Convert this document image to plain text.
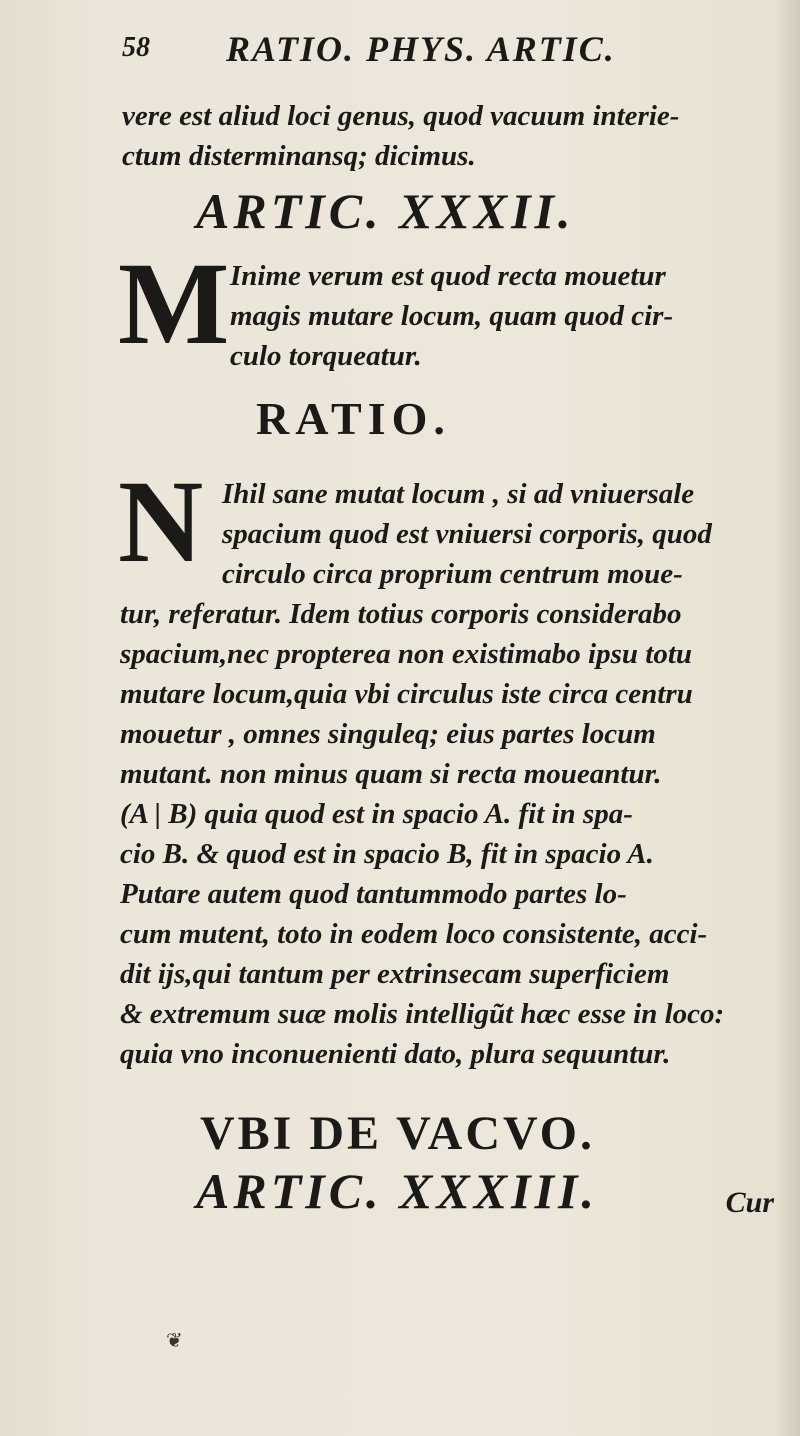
58 RATIO. PHYS. ARTIC.
vere est aliud loci genus, quod vacuum interie-
ctum disterminansq; dicimus.
ARTIC. XXXII.
M Inime verum est quod recta mouetur
magis mutare locum, quam quod cir-
culo torqueatur.
RATIO.
N Ihil sane mutat locum , si ad vniuersale
spacium quod est vniuersi corporis, quod
circulo circa proprium centrum moue-
tur, referatur. Idem totius corporis considerabo
spacium,nec propterea non existimabo ipsu totu
mutare locum,quia vbi circulus iste circa centru
mouetur , omnes singuleq; eius partes locum
mutant. non minus quam si recta moueantur.
(A | B) quia quod est in spacio A. fit in spa-
cio B. & quod est in spacio B, fit in spacio A.
Putare autem quod tantummodo partes lo-
cum mutent, toto in eodem loco consistente, acci-
dit ijs,qui tantum per extrinsecam superficiem
& extremum suæ molis intelligũt hæc esse in loco:
quia vno inconuenienti dato, plura sequuntur.
VBI DE VACVO.
ARTIC. XXXIII.	Cur
❦
